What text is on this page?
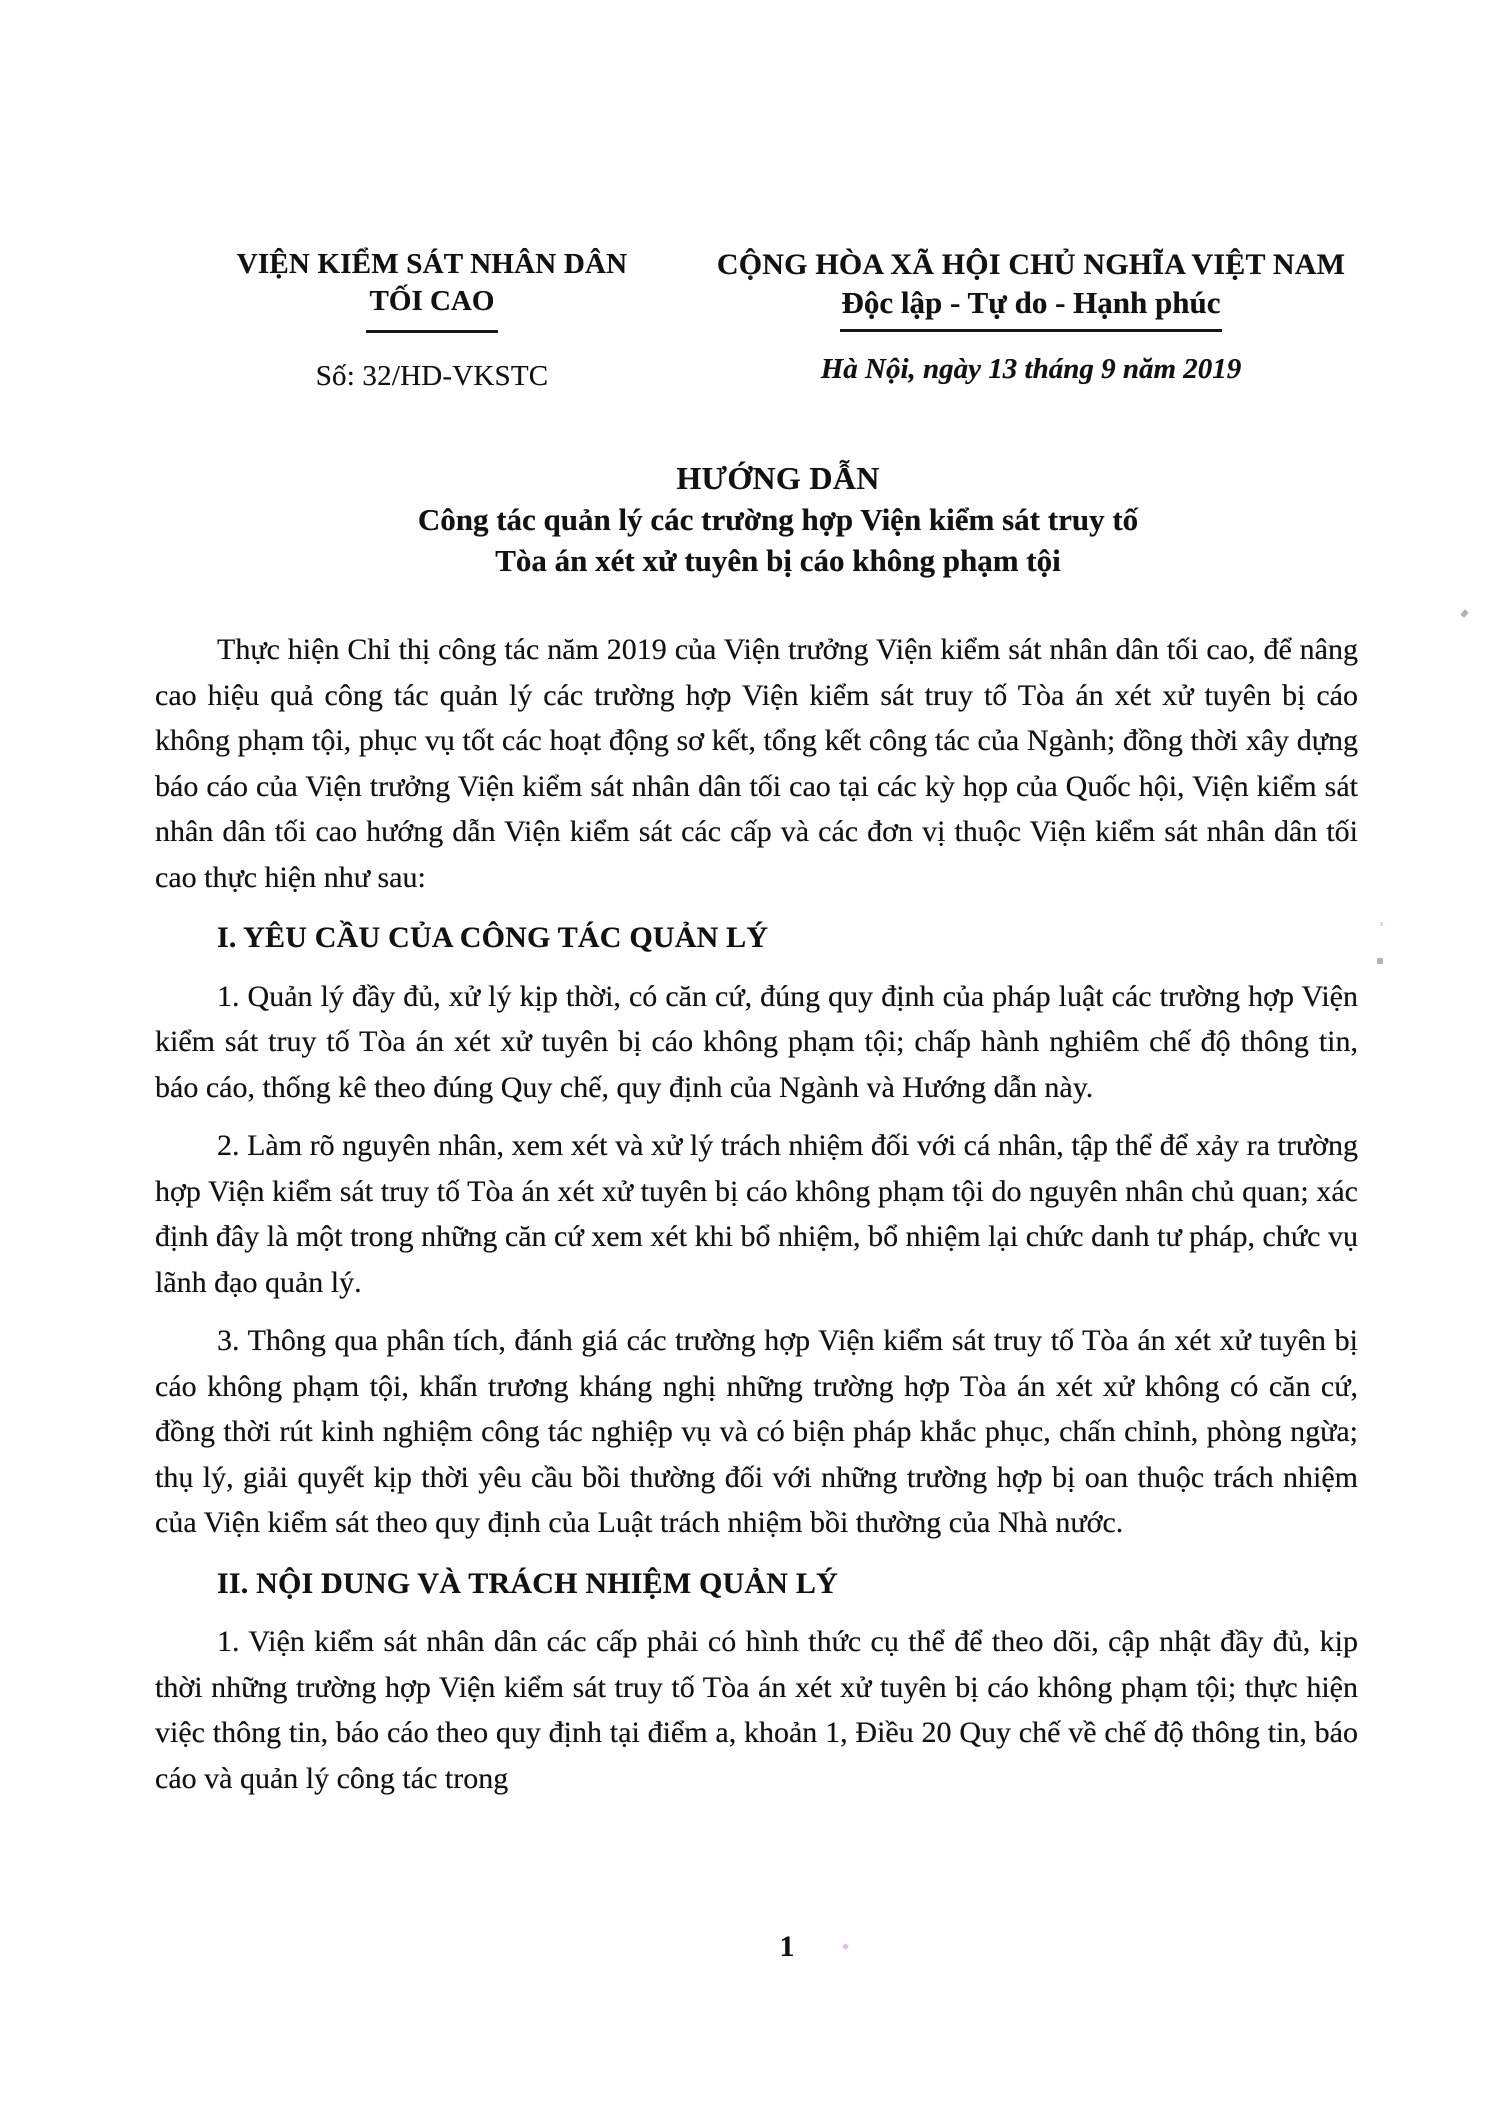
VIỆN KIỂM SÁT NHÂN DÂN
TỐI CAO
Số: 32/HD-VKSTC
CỘNG HÒA XÃ HỘI CHỦ NGHĨA VIỆT NAM
Độc lập - Tự do - Hạnh phúc
Hà Nội, ngày 13 tháng 9 năm 2019
HƯỚNG DẪN
Công tác quản lý các trường hợp Viện kiểm sát truy tố
Tòa án xét xử tuyên bị cáo không phạm tội

Thực hiện Chỉ thị công tác năm 2019 của Viện trưởng Viện kiểm sát nhân dân tối cao, để nâng cao hiệu quả công tác quản lý các trường hợp Viện kiểm sát truy tố Tòa án xét xử tuyên bị cáo không phạm tội, phục vụ tốt các hoạt động sơ kết, tổng kết công tác của Ngành; đồng thời xây dựng báo cáo của Viện trưởng Viện kiểm sát nhân dân tối cao tại các kỳ họp của Quốc hội, Viện kiểm sát nhân dân tối cao hướng dẫn Viện kiểm sát các cấp và các đơn vị thuộc Viện kiểm sát nhân dân tối cao thực hiện như sau:

I. YÊU CẦU CỦA CÔNG TÁC QUẢN LÝ

1. Quản lý đầy đủ, xử lý kịp thời, có căn cứ, đúng quy định của pháp luật các trường hợp Viện kiểm sát truy tố Tòa án xét xử tuyên bị cáo không phạm tội; chấp hành nghiêm chế độ thông tin, báo cáo, thống kê theo đúng Quy chế, quy định của Ngành và Hướng dẫn này.

2. Làm rõ nguyên nhân, xem xét và xử lý trách nhiệm đối với cá nhân, tập thể để xảy ra trường hợp Viện kiểm sát truy tố Tòa án xét xử tuyên bị cáo không phạm tội do nguyên nhân chủ quan; xác định đây là một trong những căn cứ xem xét khi bổ nhiệm, bổ nhiệm lại chức danh tư pháp, chức vụ lãnh đạo quản lý.

3. Thông qua phân tích, đánh giá các trường hợp Viện kiểm sát truy tố Tòa án xét xử tuyên bị cáo không phạm tội, khẩn trương kháng nghị những trường hợp Tòa án xét xử không có căn cứ, đồng thời rút kinh nghiệm công tác nghiệp vụ và có biện pháp khắc phục, chấn chỉnh, phòng ngừa; thụ lý, giải quyết kịp thời yêu cầu bồi thường đối với những trường hợp bị oan thuộc trách nhiệm của Viện kiểm sát theo quy định của Luật trách nhiệm bồi thường của Nhà nước.

II. NỘI DUNG VÀ TRÁCH NHIỆM QUẢN LÝ

1. Viện kiểm sát nhân dân các cấp phải có hình thức cụ thể để theo dõi, cập nhật đầy đủ, kịp thời những trường hợp Viện kiểm sát truy tố Tòa án xét xử tuyên bị cáo không phạm tội; thực hiện việc thông tin, báo cáo theo quy định tại điểm a, khoản 1, Điều 20 Quy chế về chế độ thông tin, báo cáo và quản lý công tác trong

1
